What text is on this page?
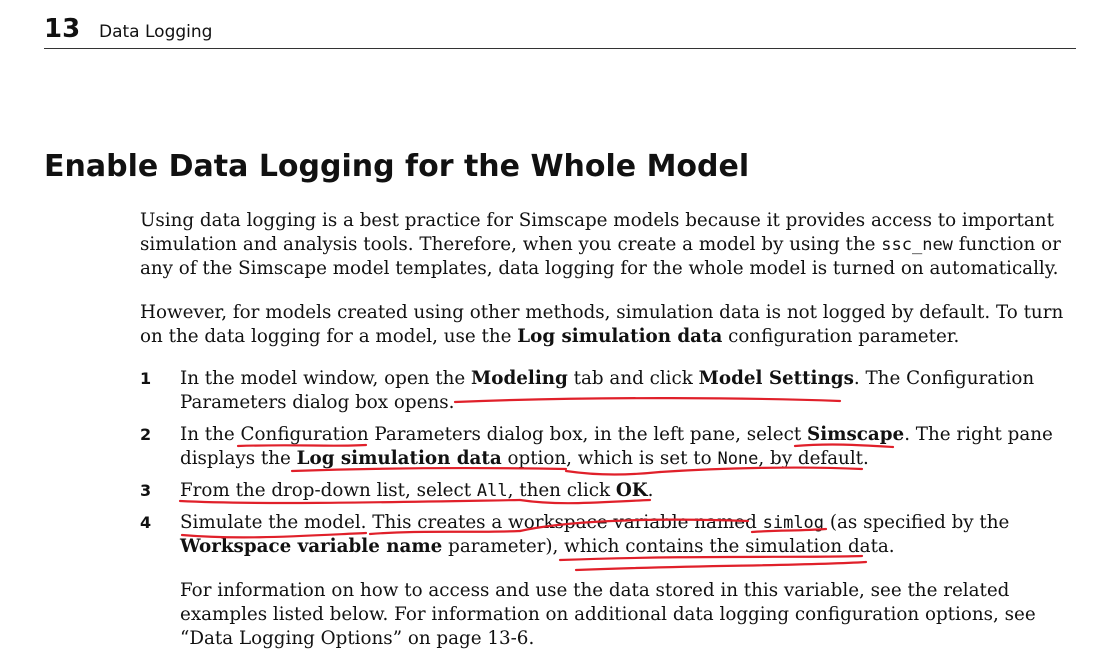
13 Data Logging
Enable Data Logging for the Whole Model

Using data logging is a best practice for Simscape models because it provides access to important simulation and analysis tools. Therefore, when you create a model by using the ssc_new function or any of the Simscape model templates, data logging for the whole model is turned on automatically.

However, for models created using other methods, simulation data is not logged by default. To turn on the data logging for a model, use the Log simulation data configuration parameter.

1 In the model window, open the Modeling tab and click Model Settings. The Configuration Parameters dialog box opens.

2 In the Configuration Parameters dialog box, in the left pane, select Simscape. The right pane displays the Log simulation data option, which is set to None, by default.

3 From the drop-down list, select All, then click OK.

4 Simulate the model. This creates a workspace variable named simlog (as specified by the Workspace variable name parameter), which contains the simulation data.

For information on how to access and use the data stored in this variable, see the related examples listed below. For information on additional data logging configuration options, see “Data Logging Options” on page 13-6.
